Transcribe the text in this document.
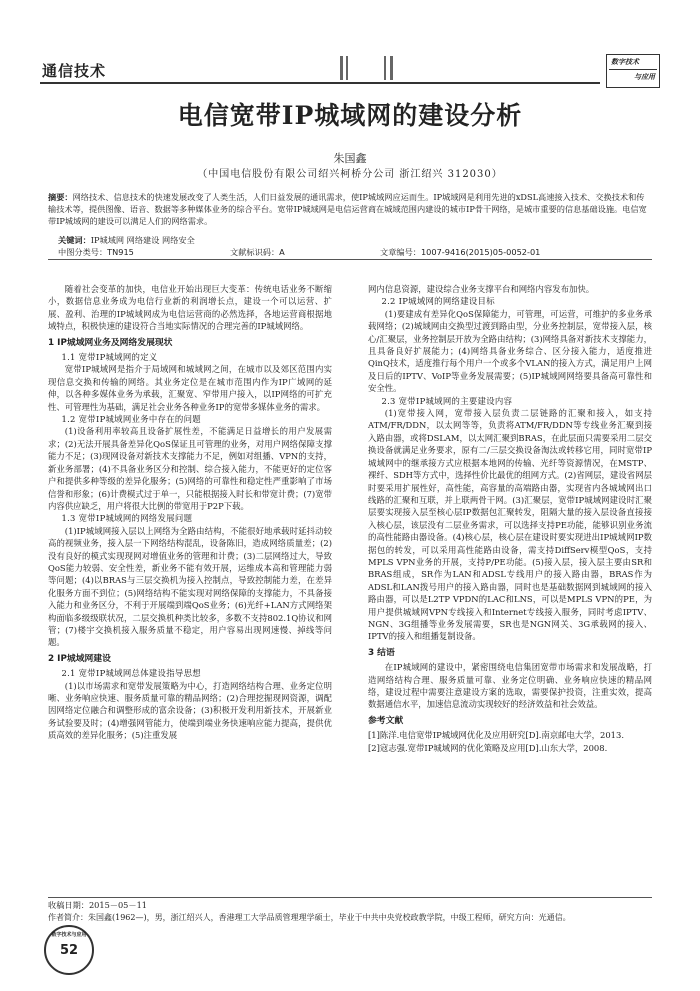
通信技术
数字技术
与应用
电信宽带IP城域网的建设分析
朱国鑫
（中国电信股份有限公司绍兴柯桥分公司 浙江绍兴 312030）
摘要：网络技术、信息技术的快速发展改变了人类生活，人们日益发展的通讯需求，使IP城域网应运而生。IP城域网是利用先进的xDSL高速接入技术、交换技术和传输技术等，提供图像、语音、数据等多种媒体业务的综合平台。宽带IP城域网是电信运营商在城域范围内建设的城市IP骨干网络，是城市重要的信息基础设施。电信宽带IP城域网的建设可以满足人们的网络需求。
关键词：IP城域网 网络建设 网络安全
中图分类号：TN915	文献标识码：A	文章编号：1007-9416(2015)05-0052-01
随着社会变革的加快，电信业开始出现巨大变革：传统电话业务不断缩小，数据信息业务成为电信行业新的利润增长点，建设一个可以运营、扩展、盈利、治理的IP城域网成为电信运营商的必然选择，各地运营商根据地域特点，积极快速的建设符合当地实际情况的合理完善的IP城域网络。
1 IP城域网业务及网络发展现状
1.1 宽带IP城域网的定义
宽带IP城域网是指介于局域网和城域网之间，在城市以及郊区范围内实现信息交换和传输的网络。其业务定位是在城市范围内作为IP广域网的延伸，以各种多媒体业务为承载，汇聚宽、窄带用户接入，以IP网络的可扩充性、可管理性为基础，满足社会业务各种业务IP的宽带多媒体业务的需求。
1.2 宽带IP城域网业务中存在的问题
(1)设备利用率较高且设备扩展性差，不能满足日益增长的用户发展需求；(2)无法开展具备差异化QoS保证且可管理的业务，对用户网络保障支撑能力不足；(3)现网设备对新技术支撑能力不足，例如对组播、VPN的支持，新业务部署；(4)不具备业务区分和控制、综合接入能力，不能更好的定位客户和提供多种等级的差异化服务；(5)网络的可靠性和稳定性严重影响了市场信誉和形象；(6)计费模式过于单一，只能根据接入时长和带宽计费；(7)宽带内容供应缺乏，用户将很大比例的带宽用于P2P下载。
1.3 宽带IP城域网的网络发展问题
(1)IP城域网接入层以上网络为全路由结构，不能很好地承载时延抖动较高的视频业务，接入层一下网络结构混乱，设备陈旧，造成网络质量差；(2)没有良好的模式实现现网对增值业务的管理和计费；(3)二层网络过大，导致QoS能力较弱、安全性差，新业务不能有效开展，运维成本高和管理能力弱等问题；(4)以BRAS与三层交换机为接入控制点，导致控制能力差，在差异化服务方面不到位；(5)网络结构不能实现对网络保障的支撑能力，不具备接入能力和业务区分，不利于开展端到端QoS业务；(6)光纤+LAN方式网络架构面临多级级联状况，二层交换机种类比较多，多数不支持802.1Q协议和网管；(7)楼宇交换机接入服务质量不稳定，用户容易出现网速慢、掉线等问题。
2 IP城域网建设
2.1 宽带IP城域网总体建设指导思想
(1)以市场需求和宽带发展策略为中心，打造网络结构合理、业务定位明晰、业务响应快速、服务质量可靠的精品网络；(2)合理挖掘现网资源，调配因网络定位融合和调整形成的富余设备；(3)积极开发利用新技术，开展新业务试验要及时；(4)增强网管能力，使端到端业务快速响应能力提高，提供优质高效的差异化服务；(5)注重发展
网内信息资源，建设综合业务支撑平台和网络内容发布加快。
2.2 IP城域网的网络建设目标
(1)要建成有差异化QoS保障能力，可管理，可运营，可维护的多业务承载网络；(2)城域网由交换型过渡到路由型，分业务控制层，宽带接入层，核心/汇聚层，业务控制层开放为全路由结构；(3)网络具备对新技术支撑能力，且具备良好扩展能力；(4)网络具备业务综合、区分接入能力，适度推进QinQ技术，适度推行每个用户一个或多个VLAN的接入方式，满足用户上网及日后的IPTV、VoIP等业务发展需要；(5)IP城域网网络要具备高可靠性和安全性。
2.3 宽带IP城域网的主要建设内容
(1)宽带接入网，宽带接入层负责二层链路的汇聚和接入，如支持ATM/FR/DDN，以太网等等，负责将ATM/FR/DDN等专线业务汇聚到接入路由器，或将DSLAM，以太网汇聚到BRAS，在此层面只需要采用二层交换设备就满足业务要求，原有二/三层交换设备淘汰或转移它用，同时宽带IP城域网中的继承接方式应根据本地网的传输、光纤等资源情况，在MSTP、裸纤、SDH等方式中，选择性价比最优的组网方式。(2)省网层，建设省网层时要采用扩展性好，高性能，高容量的高端路由器，实现省内各城域网出口线路的汇聚和互联，并上联两骨干网。(3)汇聚层，宽带IP城域网建设时汇聚层要实现接入层至核心层IP数据包汇聚转发，阻隔大量的接入层设备直接接入核心层，该层没有二层业务需求，可以选择支持PE功能，能够识别业务流的高性能路由器设备。(4)核心层，核心层在建设时要实现进出IP城域网IP数据包的转发，可以采用高性能路由设备，需支持DiffServ模型QoS，支持MPLS VPN业务的开展，支持P/PE功能。(5)接入层，接入层主要由SR和BRAS组成，SR作为LAN和ADSL专线用户的接入路由器，BRAS作为ADSL和LAN拨号用户的接入路由器，同时也是基础数据网到城域网的接入路由器，可以是L2TP VPDN的LAC和LNS，可以是MPLS VPN的PE，为用户提供城域网VPN专线接入和Internet专线接入服务，同时考虑IPTV、NGN、3G组播等业务发展需要，SR也是NGN网关、3G承载网的接入、IPTV的接入和组播复制设备。
3 结语
在IP城域网的建设中，紧密围绕电信集团宽带市场需求和发展战略，打造网络结构合理、服务质量可靠、业务定位明确、业务响应快速的精品网络，建设过程中需要注意建设方案的选取，需要保护投资，注重实效，提高数据通信水平，加速信息流动实现较好的经济效益和社会效益。
参考文献
[1]陈洋.电信宽带IP城域网优化及应用研究[D].南京邮电大学，2013.
[2]寇志强.宽带IP城域网的优化策略及应用[D].山东大学，2008.
收稿日期：2015－05－11
作者简介：朱国鑫(1962—)，男，浙江绍兴人，香港理工大学品质管理理学硕士，毕业于中共中央党校政教学院，中级工程师，研究方向：光通信。
数字技术与应用
52
